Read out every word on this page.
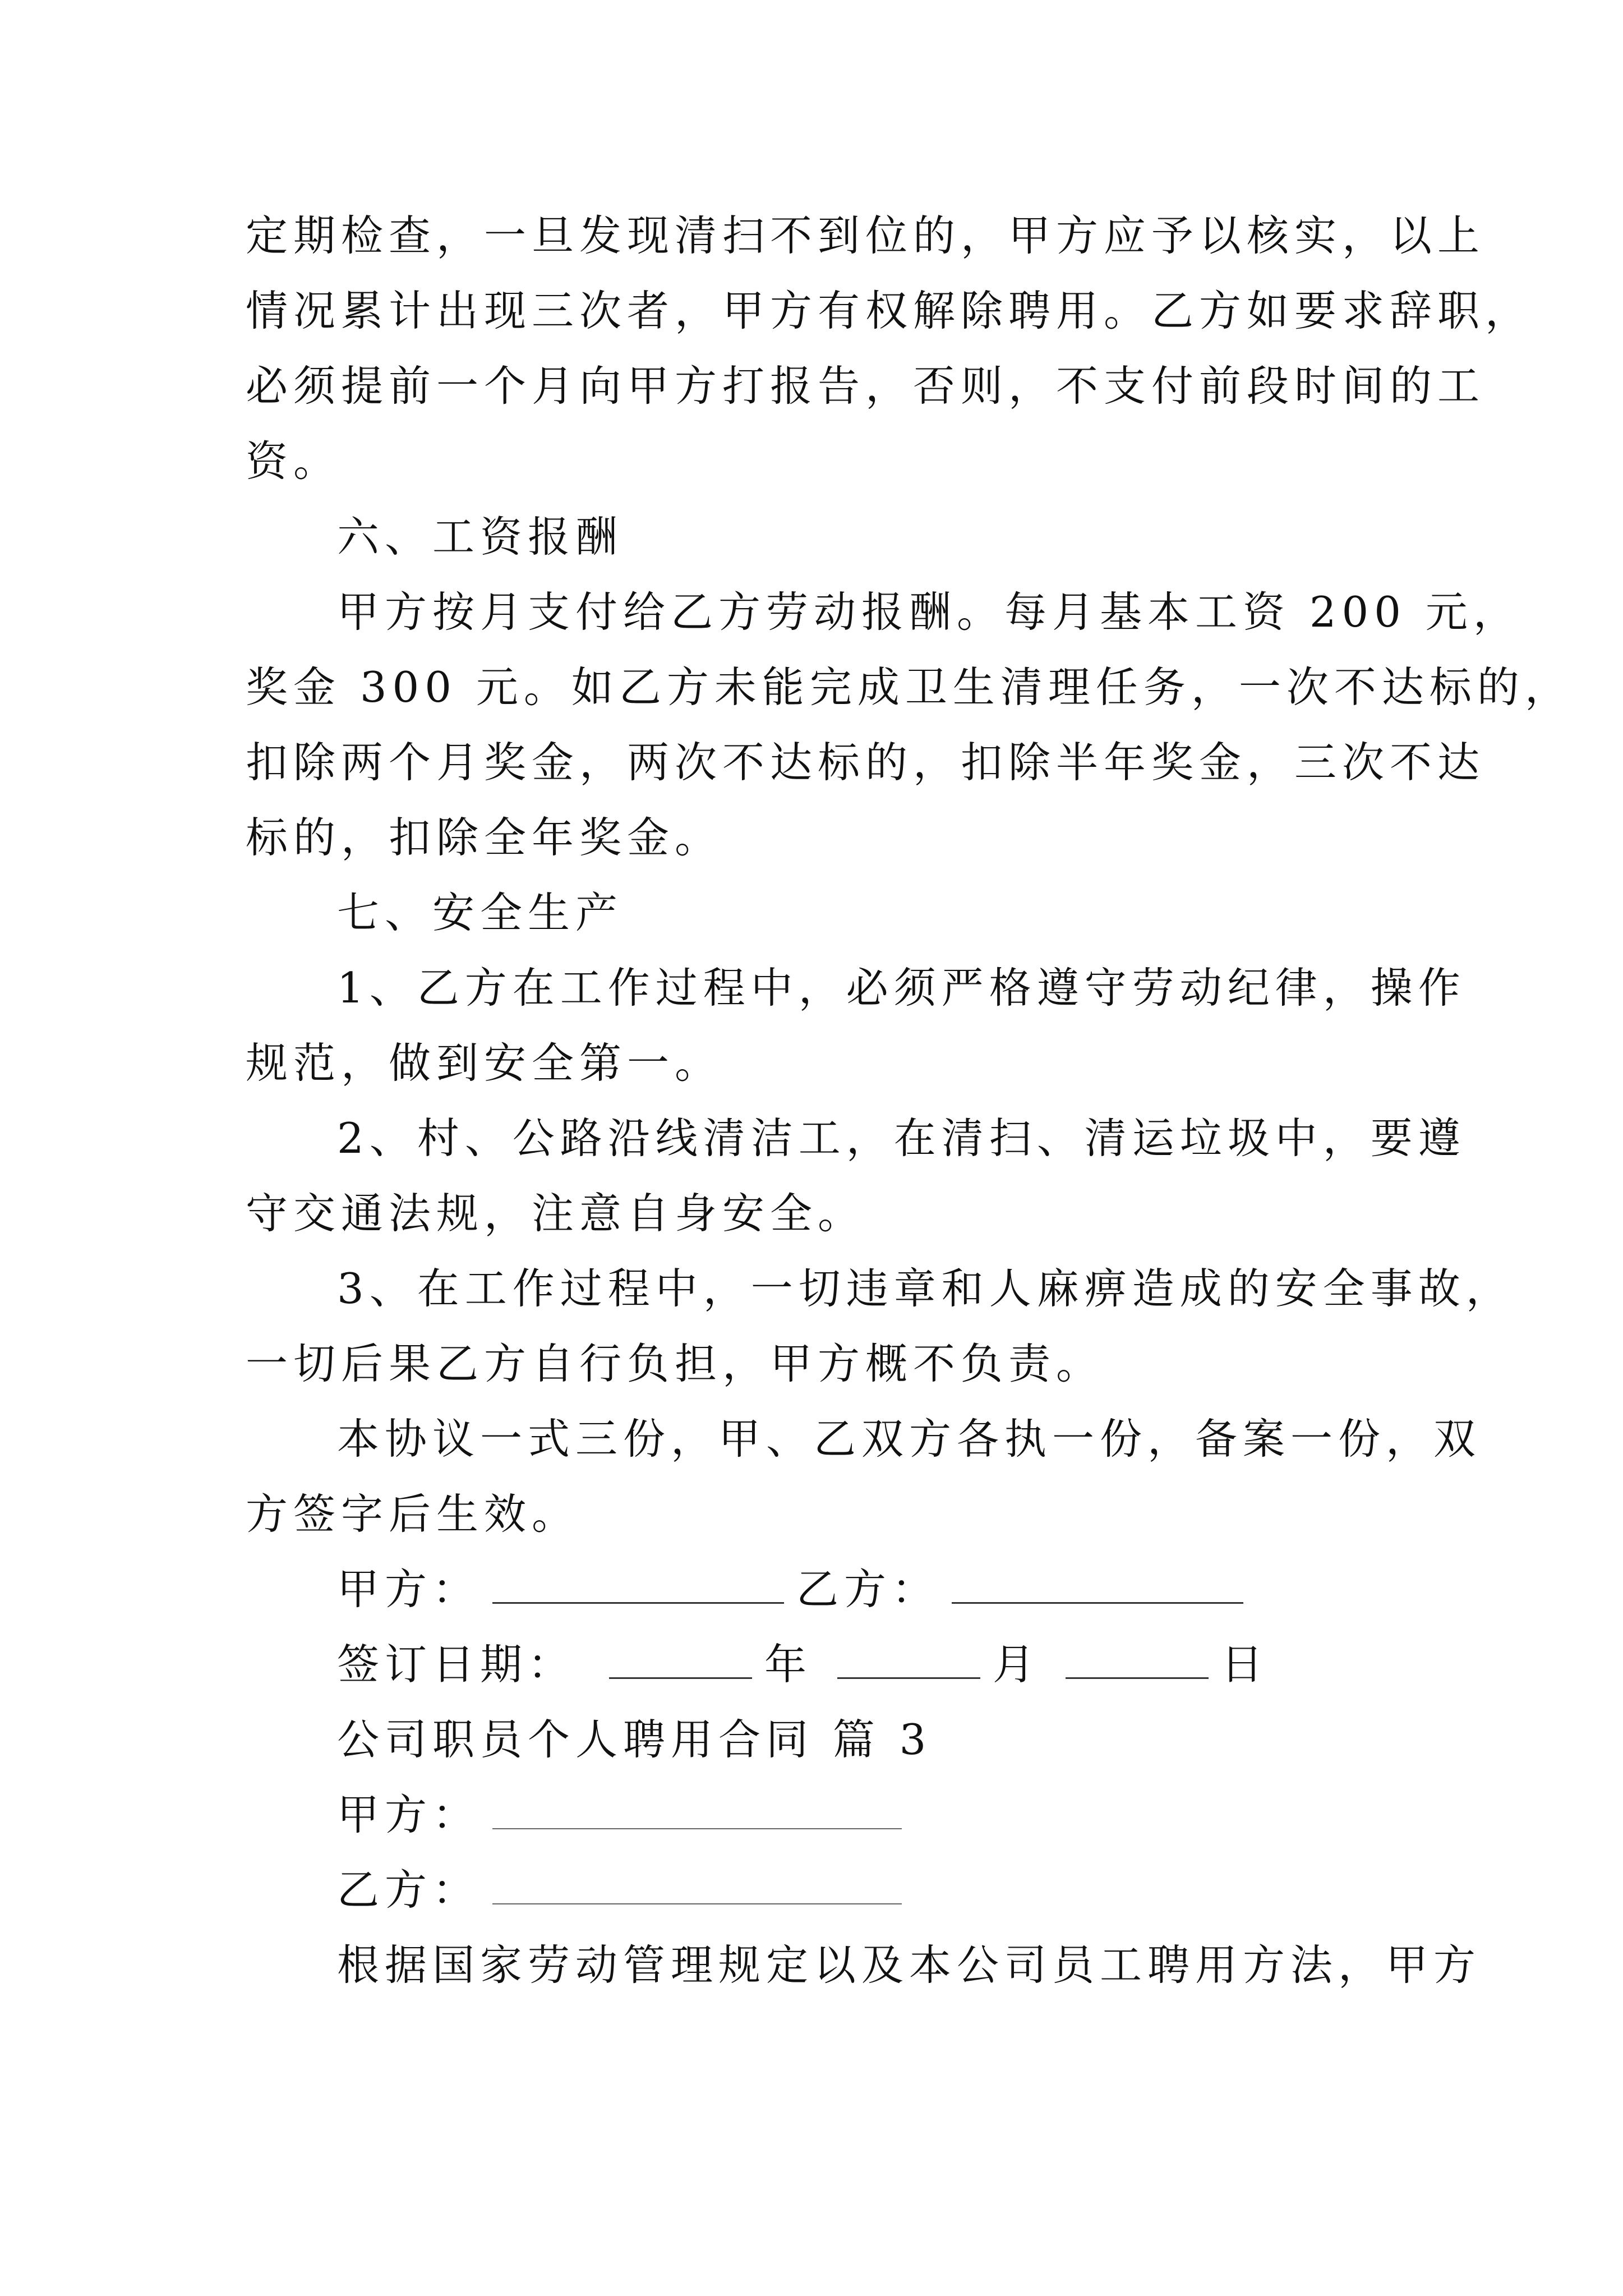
定期检查，一旦发现清扫不到位的，甲方应予以核实，以上
情况累计出现三次者，甲方有权解除聘用。乙方如要求辞职，
必须提前一个月向甲方打报告，否则，不支付前段时间的工
资。
六、工资报酬
甲方按月支付给乙方劳动报酬。每月基本工资 200 元，
奖金 300 元。如乙方未能完成卫生清理任务，一次不达标的，
扣除两个月奖金，两次不达标的，扣除半年奖金，三次不达
标的，扣除全年奖金。
七、安全生产
1、乙方在工作过程中，必须严格遵守劳动纪律，操作
规范，做到安全第一。
2、村、公路沿线清洁工，在清扫、清运垃圾中，要遵
守交通法规，注意自身安全。
3、在工作过程中，一切违章和人麻痹造成的安全事故，
一切后果乙方自行负担，甲方概不负责。
本协议一式三份，甲、乙双方各执一份，备案一份，双
方签字后生效。
甲方：	乙方：
签订日期：	年	月	日
公司职员个人聘用合同 篇 3
甲方：
乙方：
根据国家劳动管理规定以及本公司员工聘用方法，甲方
